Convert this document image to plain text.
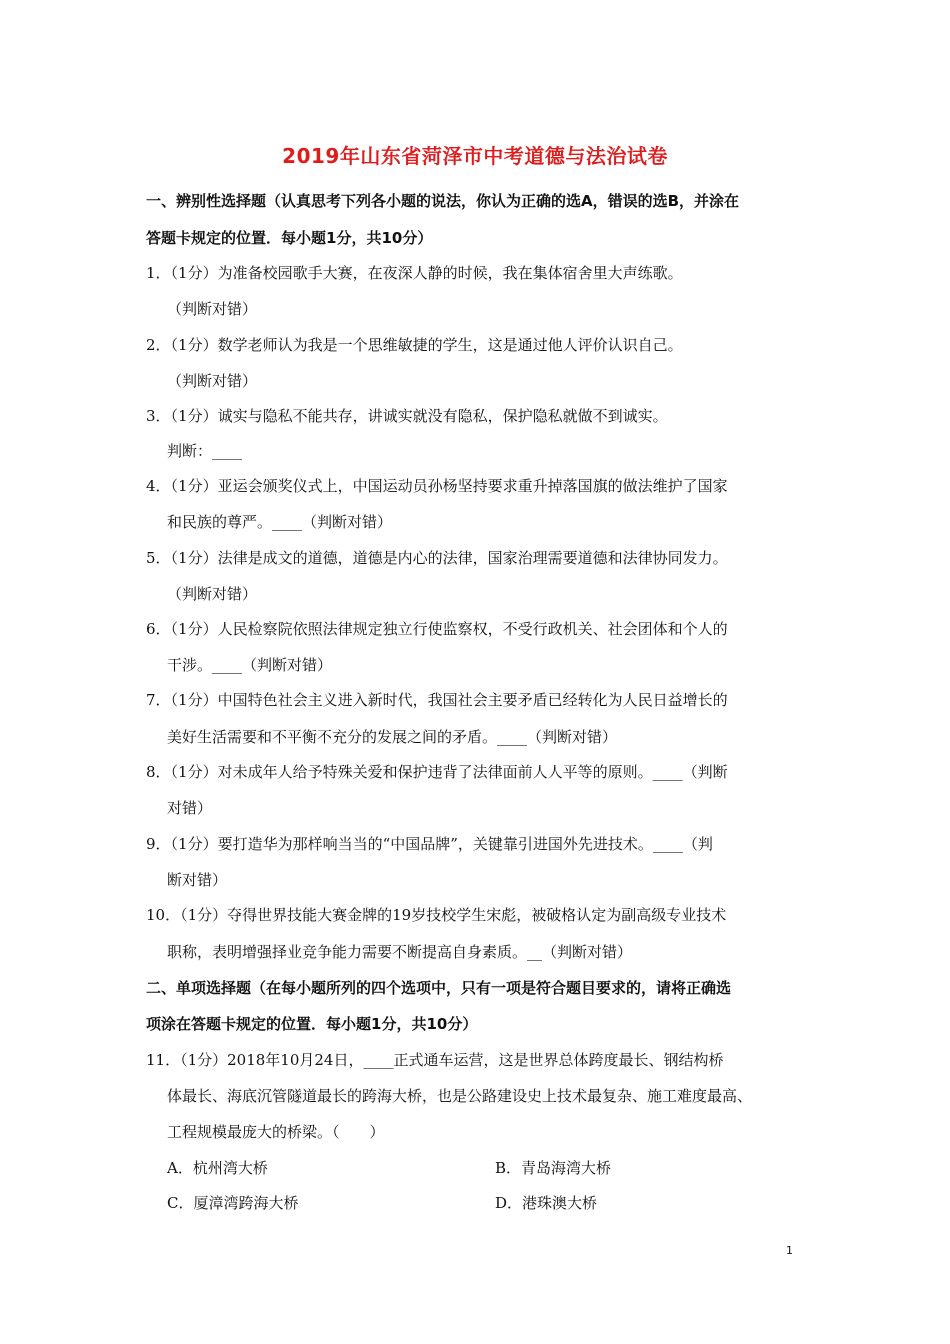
2019年山东省菏泽市中考道德与法治试卷
一、辨别性选择题（认真思考下列各小题的说法，你认为正确的选A，错误的选B，并涂在
答题卡规定的位置．每小题1分，共10分）
1．（1分）为准备校园歌手大赛，在夜深人静的时候，我在集体宿舍里大声练歌。
（判断对错）
2．（1分）数学老师认为我是一个思维敏捷的学生，这是通过他人评价认识自己。
（判断对错）
3．（1分）诚实与隐私不能共存，讲诚实就没有隐私，保护隐私就做不到诚实。
判断：____
4．（1分）亚运会颁奖仪式上，中国运动员孙杨坚持要求重升掉落国旗的做法维护了国家
和民族的尊严。____（判断对错）
5．（1分）法律是成文的道德，道德是内心的法律，国家治理需要道德和法律协同发力。
（判断对错）
6．（1分）人民检察院依照法律规定独立行使监察权，不受行政机关、社会团体和个人的
干涉。____（判断对错）
7．（1分）中国特色社会主义进入新时代，我国社会主要矛盾已经转化为人民日益增长的
美好生活需要和不平衡不充分的发展之间的矛盾。____（判断对错）
8．（1分）对未成年人给予特殊关爱和保护违背了法律面前人人平等的原则。____（判断
对错）
9．（1分）要打造华为那样响当当的“中国品牌”，关键靠引进国外先进技术。____（判
断对错）
10．（1分）夺得世界技能大赛金牌的19岁技校学生宋彪，被破格认定为副高级专业技术
职称，表明增强择业竞争能力需要不断提高自身素质。__（判断对错）
二、单项选择题（在每小题所列的四个选项中，只有一项是符合题目要求的，请将正确选
项涂在答题卡规定的位置．每小题1分，共10分）
11．（1分）2018年10月24日，____正式通车运营，这是世界总体跨度最长、钢结构桥
体最长、海底沉管隧道最长的跨海大桥，也是公路建设史上技术最复杂、施工难度最高、
工程规模最庞大的桥梁。（　　）
A．杭州湾大桥	B．青岛海湾大桥
C．厦漳湾跨海大桥	D．港珠澳大桥
1
